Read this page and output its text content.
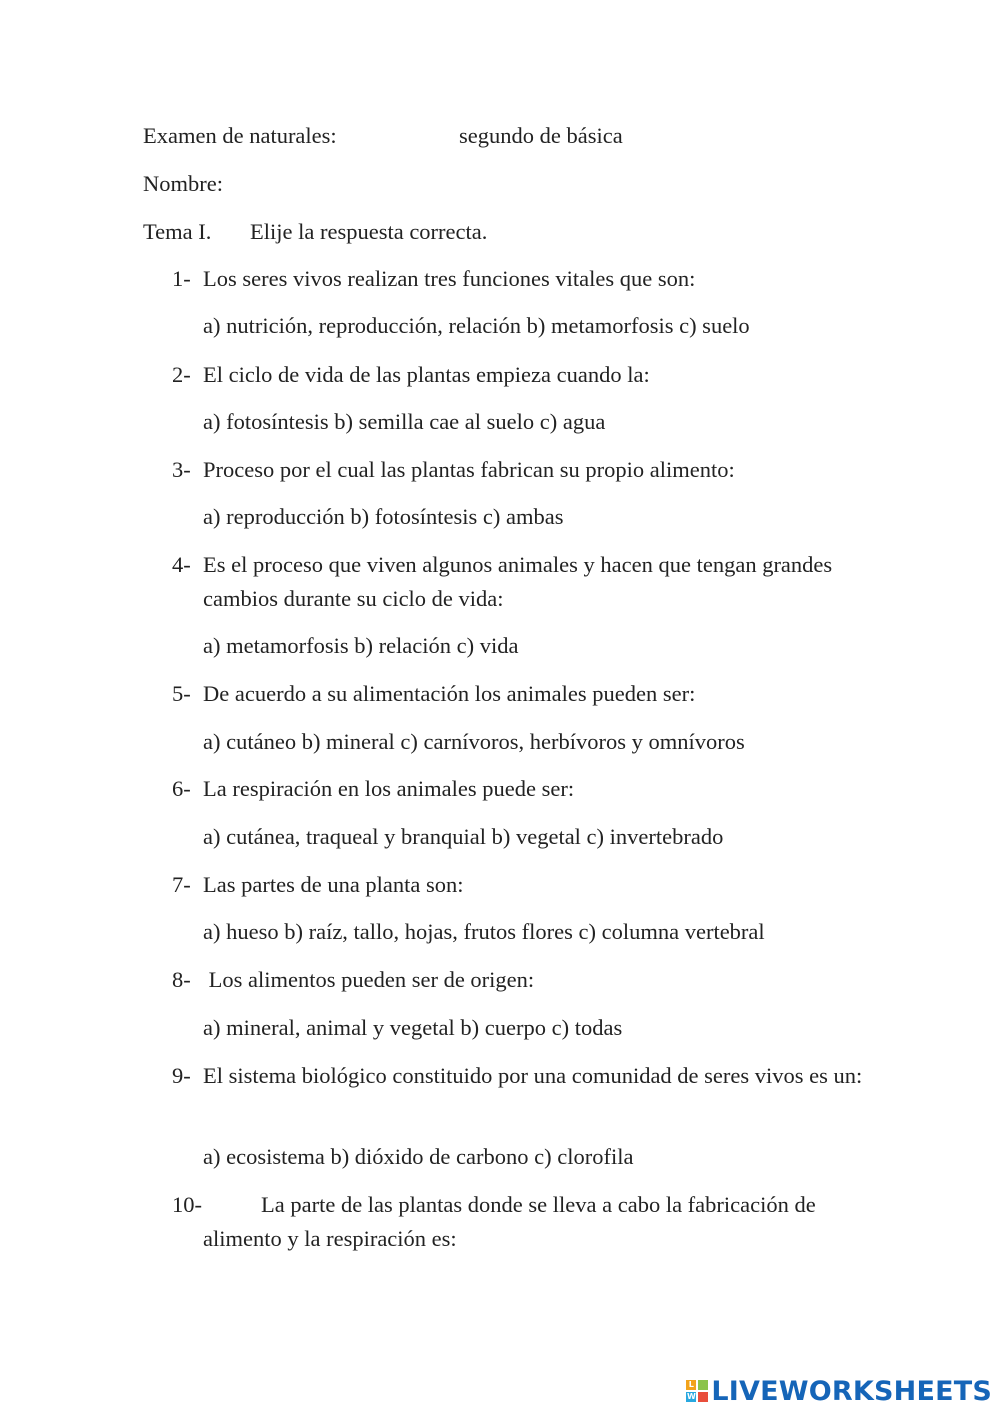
Examen de naturales:	segundo de básica
Nombre:
Tema I. Elije la respuesta correcta.
1- Los seres vivos realizan tres funciones vitales que son:
a) nutrición, reproducción, relación b) metamorfosis c) suelo
2- El ciclo de vida de las plantas empieza cuando la:
a) fotosíntesis b) semilla cae al suelo c) agua
3- Proceso por el cual las plantas fabrican su propio alimento:
a) reproducción b) fotosíntesis c) ambas
4- Es el proceso que viven algunos animales y hacen que tengan grandes cambios durante su ciclo de vida:
a) metamorfosis b) relación c) vida
5- De acuerdo a su alimentación los animales pueden ser:
a) cutáneo b) mineral c) carnívoros, herbívoros y omnívoros
6- La respiración en los animales puede ser:
a) cutánea, traqueal y branquial b) vegetal c) invertebrado
7- Las partes de una planta son:
a) hueso b) raíz, tallo, hojas, frutos flores c) columna vertebral
8- Los alimentos pueden ser de origen:
a) mineral, animal y vegetal b) cuerpo c) todas
9- El sistema biológico constituido por una comunidad de seres vivos es un:
a) ecosistema b) dióxido de carbono c) clorofila
10-	La parte de las plantas donde se lleva a cabo la fabricación de alimento y la respiración es:
L
W LIVEWORKSHEETS
